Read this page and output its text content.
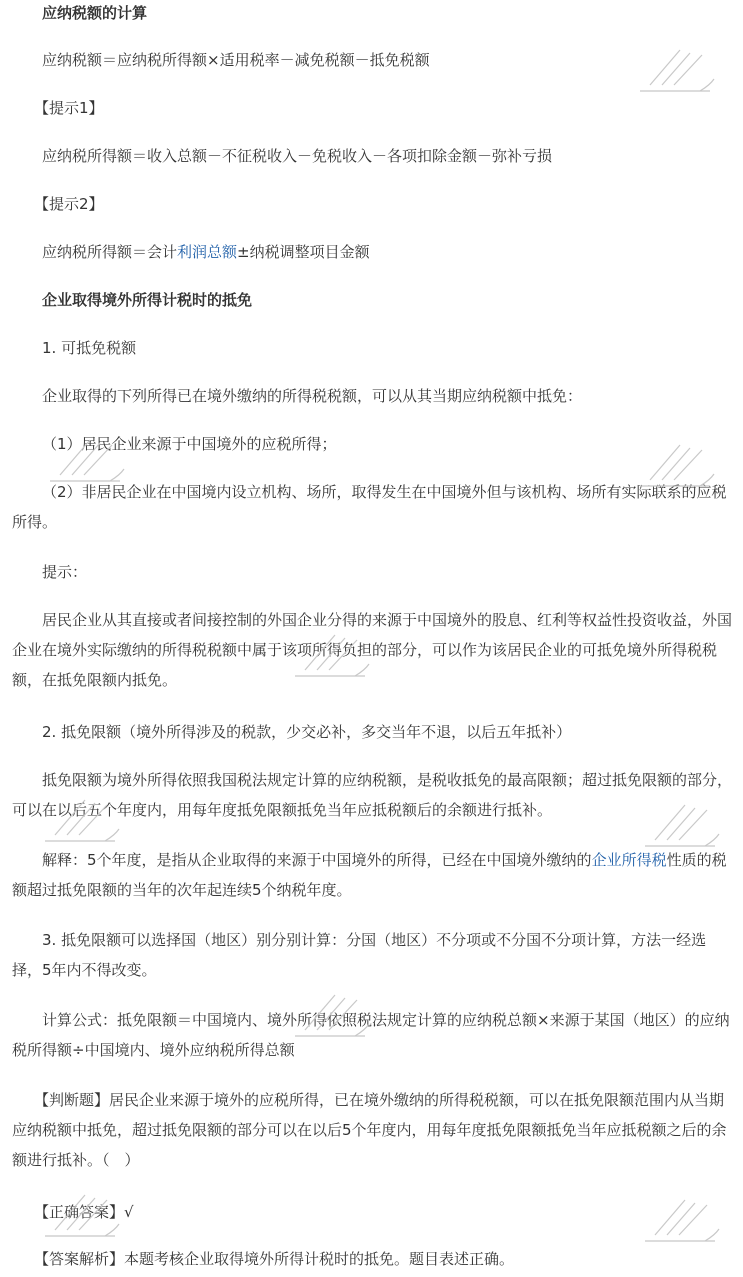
应纳税额的计算
应纳税额＝应纳税所得额×适用税率－减免税额－抵免税额
【提示1】
应纳税所得额＝收入总额－不征税收入－免税收入－各项扣除金额－弥补亏损
【提示2】
应纳税所得额＝会计利润总额±纳税调整项目金额
企业取得境外所得计税时的抵免
1. 可抵免税额
企业取得的下列所得已在境外缴纳的所得税税额，可以从其当期应纳税额中抵免：
（1）居民企业来源于中国境外的应税所得；
（2）非居民企业在中国境内设立机构、场所，取得发生在中国境外但与该机构、场所有实际联系的应税所得。
提示：
居民企业从其直接或者间接控制的外国企业分得的来源于中国境外的股息、红利等权益性投资收益，外国企业在境外实际缴纳的所得税税额中属于该项所得负担的部分，可以作为该居民企业的可抵免境外所得税税额，在抵免限额内抵免。
2. 抵免限额（境外所得涉及的税款，少交必补，多交当年不退，以后五年抵补）
抵免限额为境外所得依照我国税法规定计算的应纳税额，是税收抵免的最高限额；超过抵免限额的部分，可以在以后五个年度内，用每年度抵免限额抵免当年应抵税额后的余额进行抵补。
解释：5个年度，是指从企业取得的来源于中国境外的所得，已经在中国境外缴纳的企业所得税性质的税额超过抵免限额的当年的次年起连续5个纳税年度。
3. 抵免限额可以选择国（地区）别分别计算：分国（地区）不分项或不分国不分项计算，方法一经选择，5年内不得改变。
计算公式：抵免限额＝中国境内、境外所得依照税法规定计算的应纳税总额×来源于某国（地区）的应纳税所得额÷中国境内、境外应纳税所得总额
【判断题】居民企业来源于境外的应税所得，已在境外缴纳的所得税税额，可以在抵免限额范围内从当期应纳税额中抵免，超过抵免限额的部分可以在以后5个年度内，用每年度抵免限额抵免当年应抵税额之后的余额进行抵补。（　）
【正确答案】√
【答案解析】本题考核企业取得境外所得计税时的抵免。题目表述正确。
